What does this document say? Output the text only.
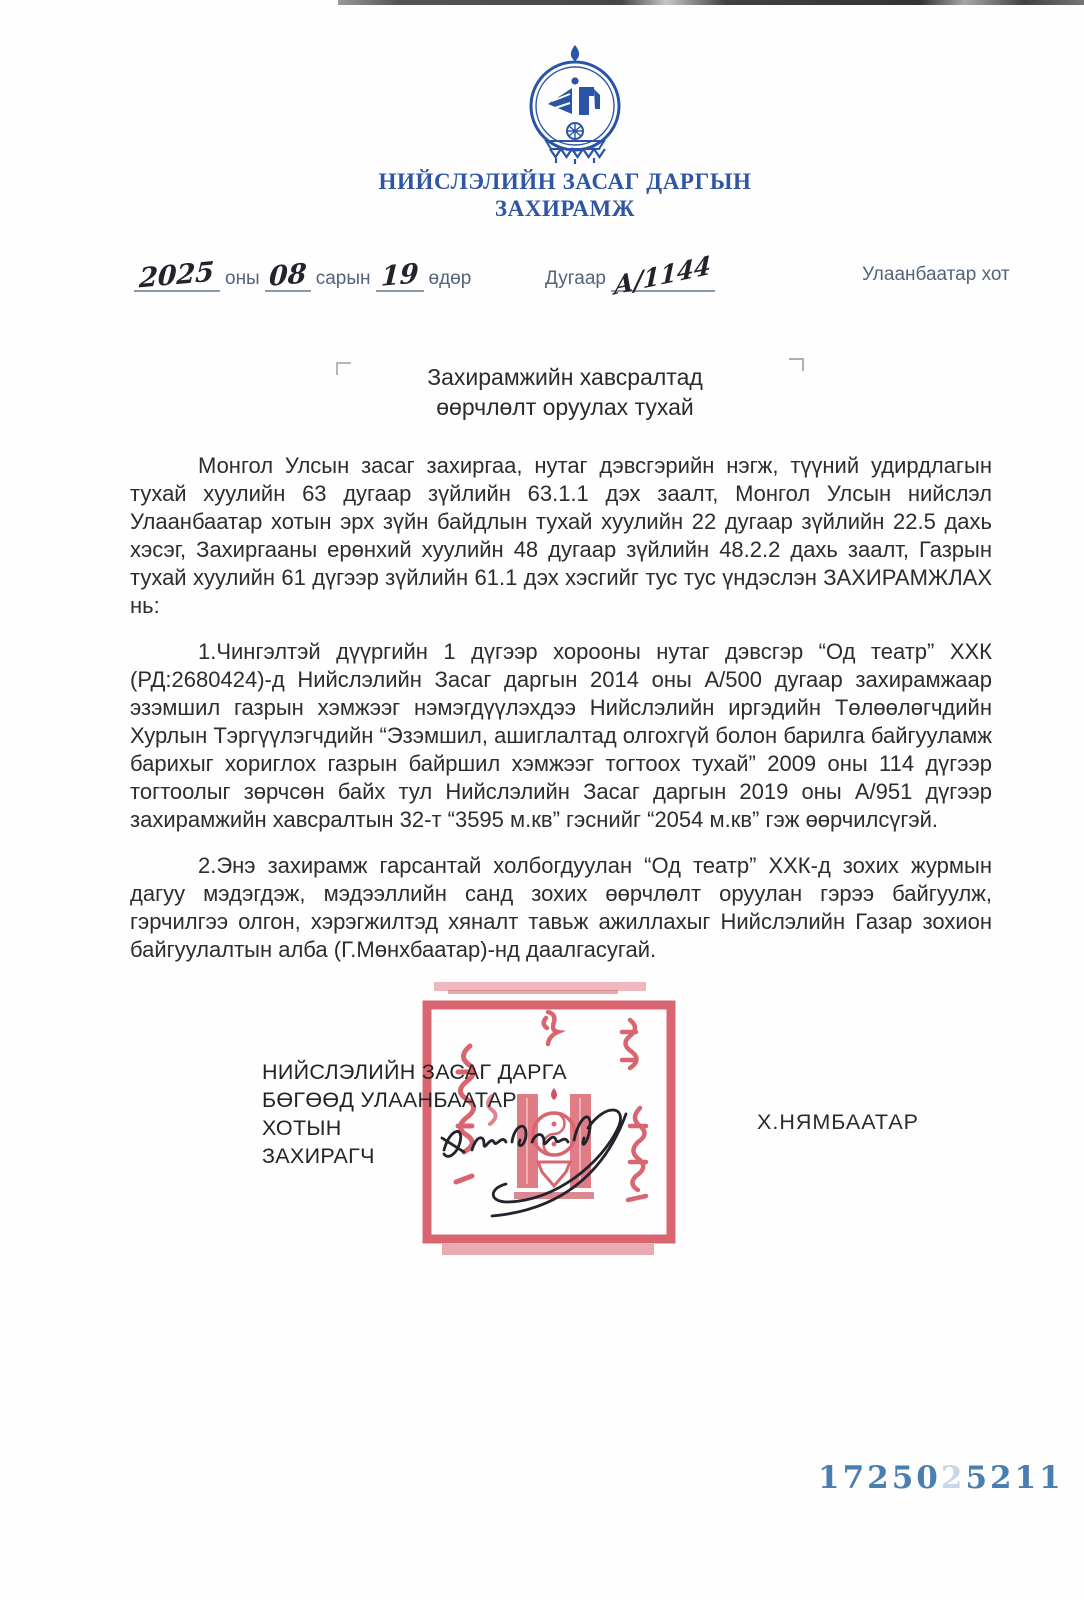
НИЙСЛЭЛИЙН ЗАСАГ ДАРГЫН
ЗАХИРАМЖ
2025 оны 08 сарын 19 өдөр	Дугаар А/1144	Улаанбаатар хот
Захирамжийн хавсралтад
өөрчлөлт оруулах тухай

Монгол Улсын засаг захиргаа, нутаг дэвсгэрийн нэгж, түүний удирдлагын тухай хуулийн 63 дугаар зүйлийн 63.1.1 дэх заалт, Монгол Улсын нийслэл Улаанбаатар хотын эрх зүйн байдлын тухай хуулийн 22 дугаар зүйлийн 22.5 дахь хэсэг, Захиргааны ерөнхий хуулийн 48 дугаар зүйлийн 48.2.2 дахь заалт, Газрын тухай хуулийн 61 дүгээр зүйлийн 61.1 дэх хэсгийг тус тус үндэслэн ЗАХИРАМЖЛАХ нь:

1.Чингэлтэй дүүргийн 1 дүгээр хорооны нутаг дэвсгэр “Од театр” ХХК (РД:2680424)-д Нийслэлийн Засаг даргын 2014 оны А/500 дугаар захирамжаар эзэмшил газрын хэмжээг нэмэгдүүлэхдээ Нийслэлийн иргэдийн Төлөөлөгчдийн Хурлын Тэргүүлэгчдийн “Эзэмшил, ашиглалтад олгохгүй болон барилга байгууламж барихыг хориглох газрын байршил хэмжээг тогтоох тухай” 2009 оны 114 дүгээр тогтоолыг зөрчсөн байх тул Нийслэлийн Засаг даргын 2019 оны А/951 дүгээр захирамжийн хавсралтын 32-т “3595 м.кв” гэснийг “2054 м.кв” гэж өөрчилсүгэй.

2.Энэ захирамж гарсантай холбогдуулан “Од театр” ХХК-д зохих журмын дагуу мэдэгдэж, мэдээллийн санд зохих өөрчлөлт оруулан гэрээ байгуулж, гэрчилгээ олгон, хэрэгжилтэд хяналт тавьж ажиллахыг Нийслэлийн Газар зохион байгуулалтын алба (Г.Мөнхбаатар)-нд даалгасугай.

НИЙСЛЭЛИЙН ЗАСАГ ДАРГА
БӨГӨӨД УЛААНБААТАР ХОТЫН
ЗАХИРАГЧ
Х.НЯМБААТАР
1725025211
